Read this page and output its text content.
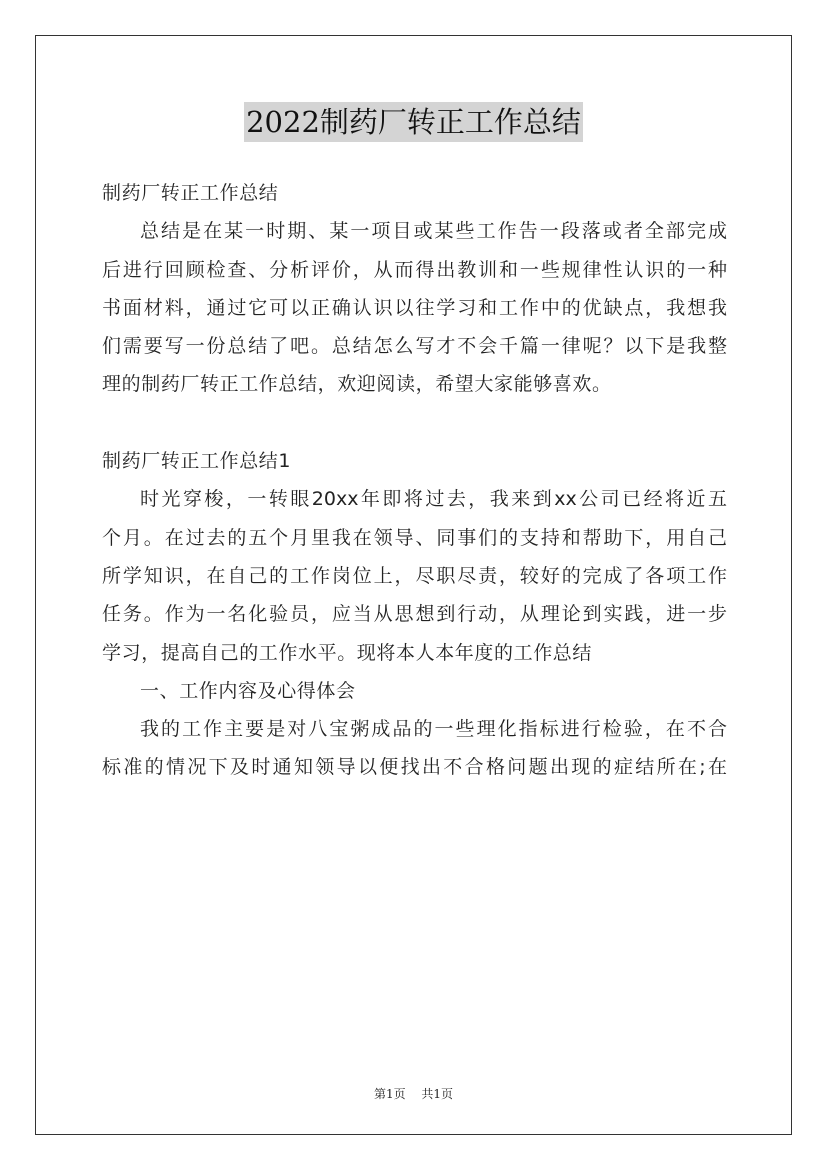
2022制药厂转正工作总结
制药厂转正工作总结
总结是在某一时期、某一项目或某些工作告一段落或者全部完成
后进行回顾检查、分析评价，从而得出教训和一些规律性认识的一种
书面材料，通过它可以正确认识以往学习和工作中的优缺点，我想我
们需要写一份总结了吧。总结怎么写才不会千篇一律呢？以下是我整
理的制药厂转正工作总结，欢迎阅读，希望大家能够喜欢。
制药厂转正工作总结1
时光穿梭，一转眼20xx年即将过去，我来到xx公司已经将近五
个月。在过去的五个月里我在领导、同事们的支持和帮助下，用自己
所学知识，在自己的工作岗位上，尽职尽责，较好的完成了各项工作
任务。作为一名化验员，应当从思想到行动，从理论到实践，进一步
学习，提高自己的工作水平。现将本人本年度的工作总结
一、工作内容及心得体会
我的工作主要是对八宝粥成品的一些理化指标进行检验，在不合
标准的情况下及时通知领导以便找出不合格问题出现的症结所在;在
第1页 共1页
